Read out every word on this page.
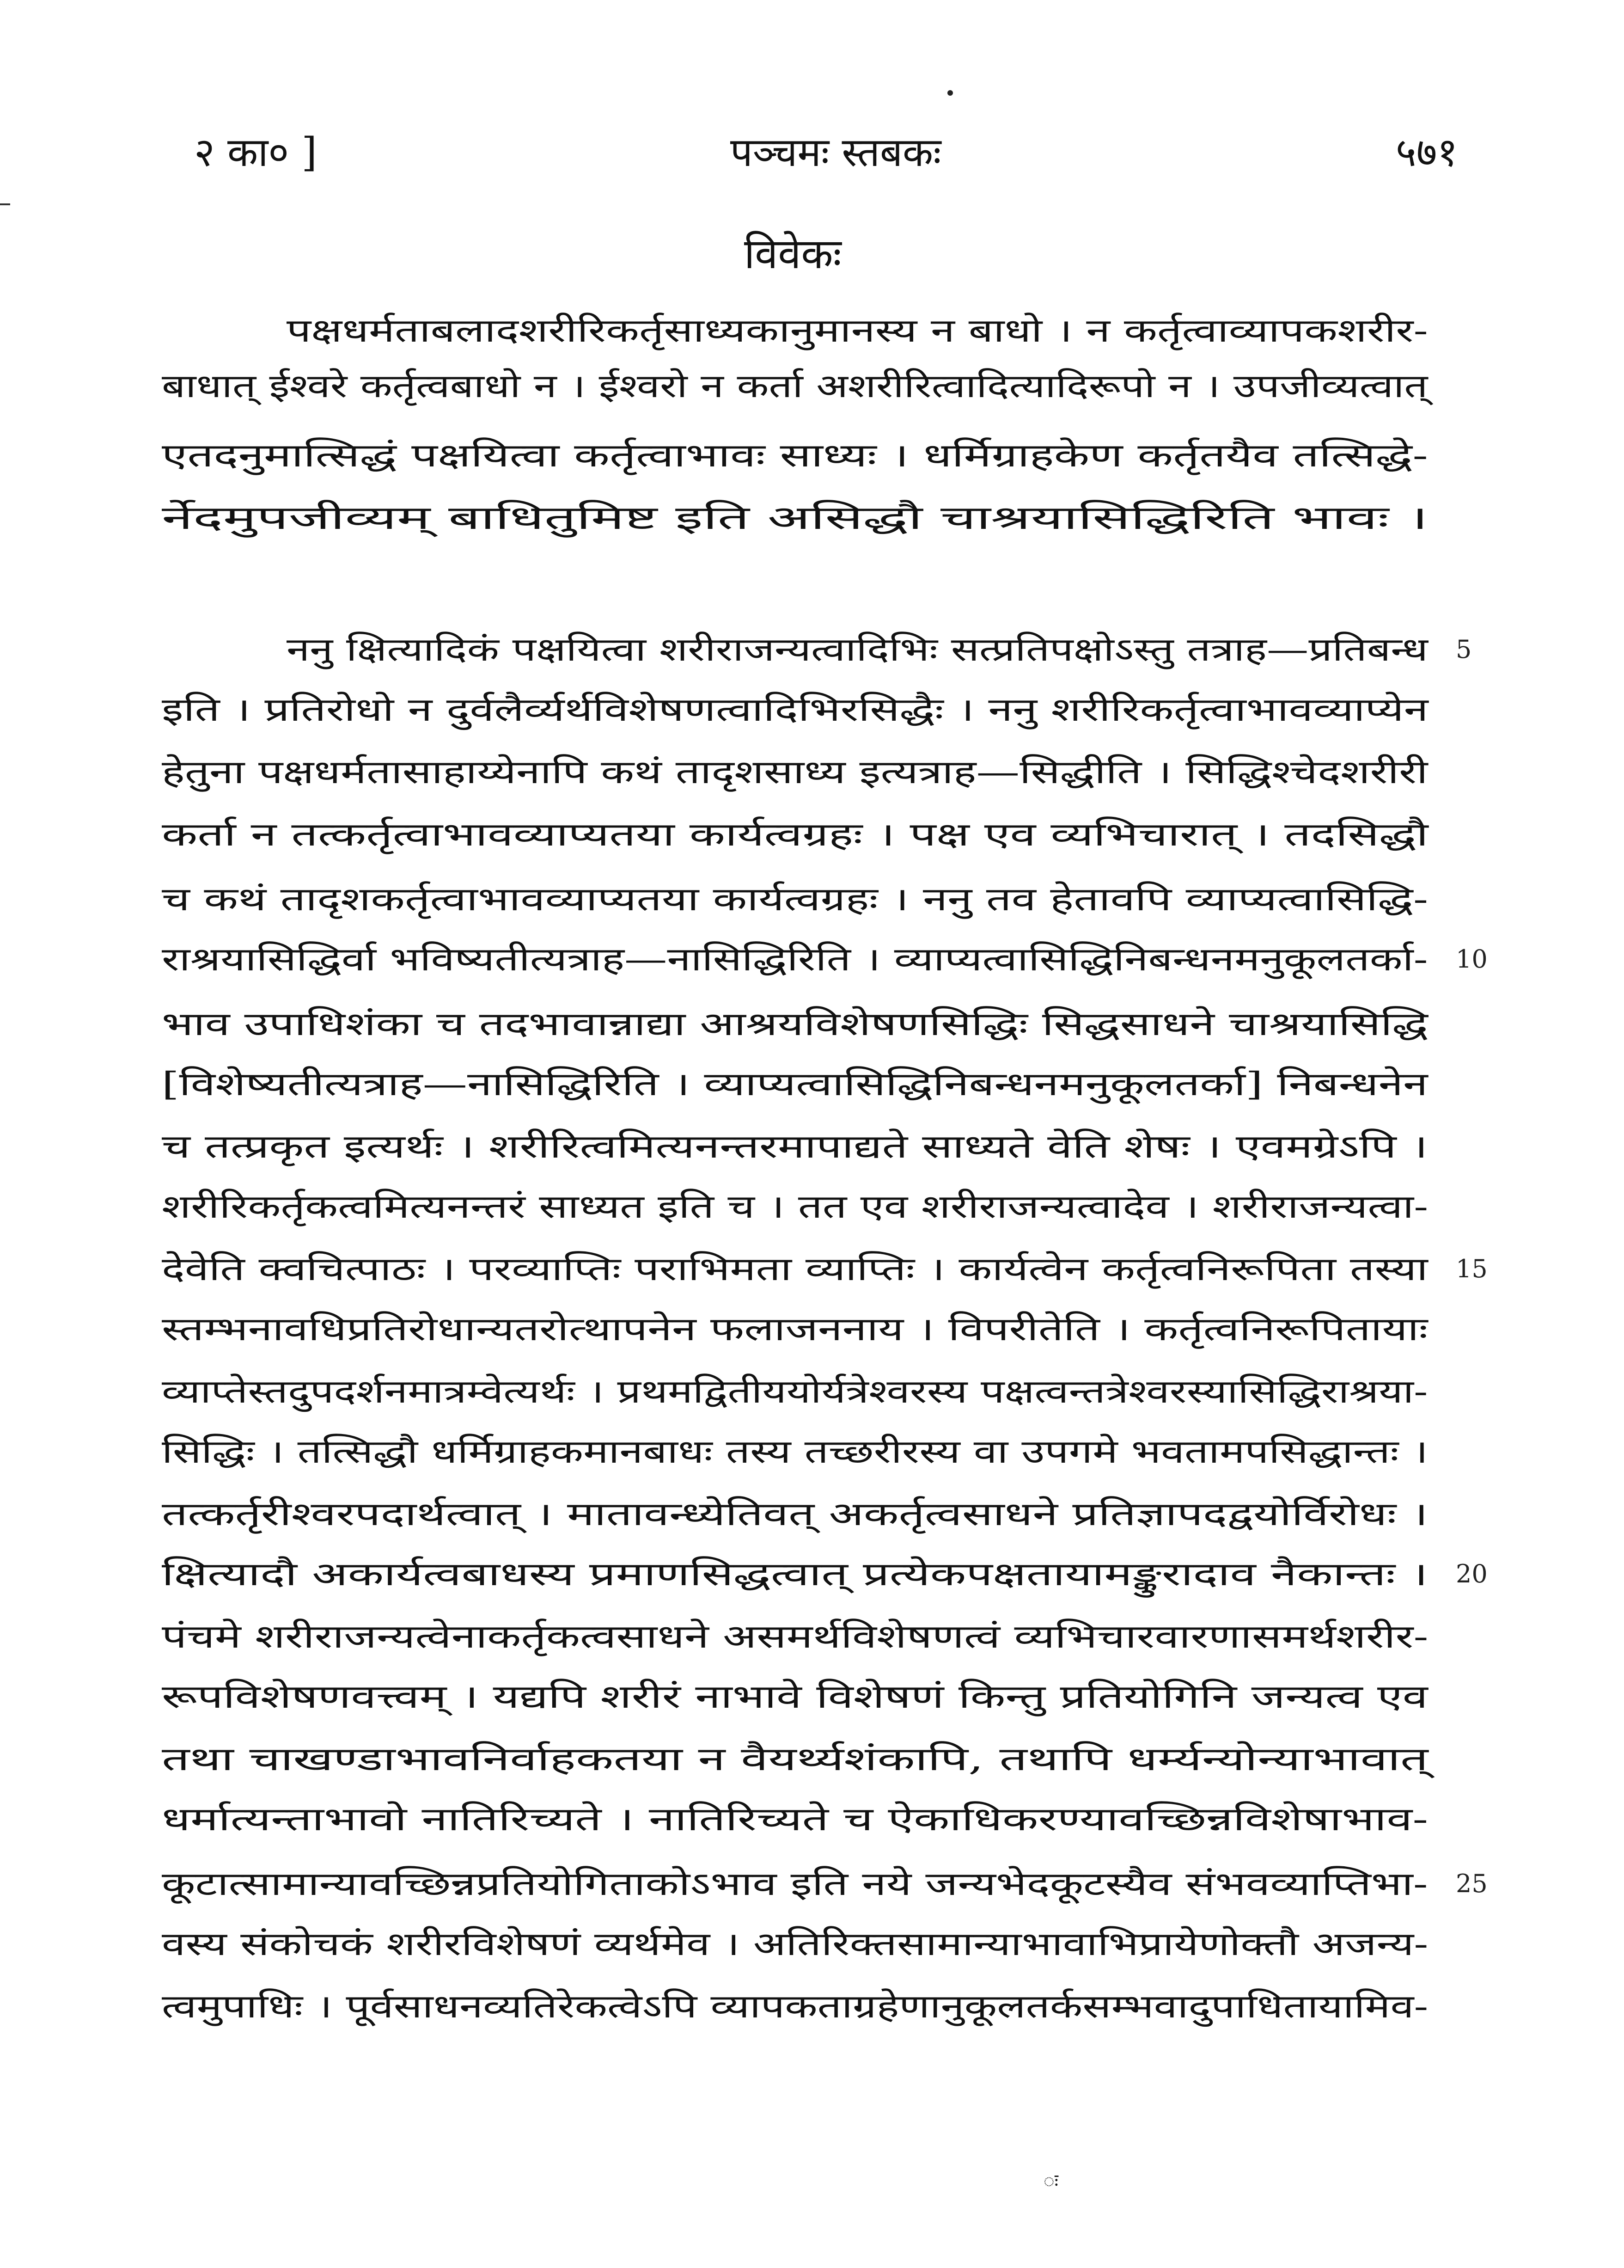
२ का० ]	पञ्चमः स्तबकः	५७१
विवेकः
पक्षधर्मताबलादशरीरिकर्तृसाध्यकानुमानस्य न बाधो । न कर्तृत्वाव्यापकशरीर-
बाधात् ईश्वरे कर्तृत्वबाधो न । ईश्वरो न कर्ता अशरीरित्वादित्यादिरूपो न । उपजीव्यत्वात्
एतदनुमात्सिद्धं पक्षयित्वा कर्तृत्वाभावः साध्यः । धर्मिग्राहकेण कर्तृतयैव तत्सिद्धे-
र्नेदमुपजीव्यम् बाधितुमिष्ट इति असिद्धौ चाश्रयासिद्धिरिति भावः ।
ननु क्षित्यादिकं पक्षयित्वा शरीराजन्यत्वादिभिः सत्प्रतिपक्षोऽस्तु तत्राह—प्रतिबन्ध 5
इति । प्रतिरोधो न दुर्वलैर्व्यर्थविशेषणत्वादिभिरसिद्धैः । ननु शरीरिकर्तृत्वाभावव्याप्येन
हेतुना पक्षधर्मतासाहाय्येनापि कथं तादृशसाध्य इत्यत्राह—सिद्धीति । सिद्धिश्चेदशरीरी
कर्ता न तत्कर्तृत्वाभावव्याप्यतया कार्यत्वग्रहः । पक्ष एव व्यभिचारात् । तदसिद्धौ
च कथं तादृशकर्तृत्वाभावव्याप्यतया कार्यत्वग्रहः । ननु तव हेतावपि व्याप्यत्वासिद्धि-
राश्रयासिद्धिर्वा भविष्यतीत्यत्राह—नासिद्धिरिति । व्याप्यत्वासिद्धिनिबन्धनमनुकूलतर्का- 10
भाव उपाधिशंका च तदभावान्नाद्या आश्रयविशेषणसिद्धिः सिद्धसाधने चाश्रयासिद्धि
[विशेष्यतीत्यत्राह—नासिद्धिरिति । व्याप्यत्वासिद्धिनिबन्धनमनुकूलतर्का] निबन्धनेन
च तत्प्रकृत इत्यर्थः । शरीरित्वमित्यनन्तरमापाद्यते साध्यते वेति शेषः । एवमग्रेऽपि ।
शरीरिकर्तृकत्वमित्यनन्तरं साध्यत इति च । तत एव शरीराजन्यत्वादेव । शरीराजन्यत्वा-
देवेति क्वचित्पाठः । परव्याप्तिः पराभिमता व्याप्तिः । कार्यत्वेन कर्तृत्वनिरूपिता तस्या 15
स्तम्भनावधिप्रतिरोधान्यतरोत्थापनेन फलाजननाय । विपरीतेति । कर्तृत्वनिरूपितायाः
व्याप्तेस्तदुपदर्शनमात्रम्वेत्यर्थः । प्रथमद्वितीययोर्यत्रेश्वरस्य पक्षत्वन्तत्रेश्वरस्यासिद्धिराश्रया-
सिद्धिः । तत्सिद्धौ धर्मिग्राहकमानबाधः तस्य तच्छरीरस्य वा उपगमे भवतामपसिद्धान्तः ।
तत्कर्तृरीश्वरपदार्थत्वात् । मातावन्ध्येतिवत् अकर्तृत्वसाधने प्रतिज्ञापदद्वयोर्विरोधः ।
क्षित्यादौ अकार्यत्वबाधस्य प्रमाणसिद्धत्वात् प्रत्येकपक्षतायामङ्कुरादाव नैकान्तः । 20
पंचमे शरीराजन्यत्वेनाकर्तृकत्वसाधने असमर्थविशेषणत्वं व्यभिचारवारणासमर्थशरीर-
रूपविशेषणवत्त्वम् । यद्यपि शरीरं नाभावे विशेषणं किन्तु प्रतियोगिनि जन्यत्व एव
तथा चाखण्डाभावनिर्वाहकतया न वैयर्थ्यशंकापि, तथापि धर्म्यन्योन्याभावात्
धर्मात्यन्ताभावो नातिरिच्यते । नातिरिच्यते च ऐकाधिकरण्यावच्छिन्नविशेषाभाव-
कूटात्सामान्यावच्छिन्नप्रतियोगिताकोऽभाव इति नये जन्यभेदकूटस्यैव संभवव्याप्तिभा- 25
वस्य संकोचकं शरीरविशेषणं व्यर्थमेव । अतिरिक्तसामान्याभावाभिप्रायेणोक्तौ अजन्य-
त्वमुपाधिः । पूर्वसाधनव्यतिरेकत्वेऽपि व्यापकताग्रहेणानुकूलतर्कसम्भवादुपाधितायामिव-
ः
